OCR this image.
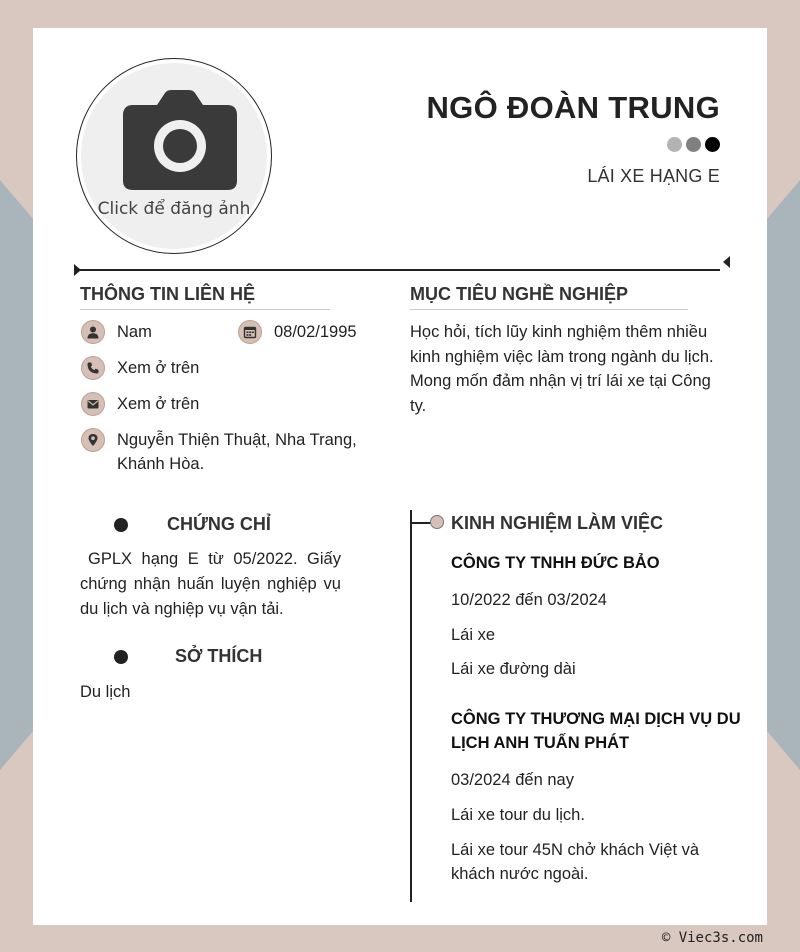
Click để đăng ảnh
NGÔ ĐOÀN TRUNG
LÁI XE HẠNG E
THÔNG TIN LIÊN HỆ
Nam	08/02/1995
Xem ở trên
Xem ở trên
Nguyễn Thiện Thuật, Nha Trang, Khánh Hòa.
MỤC TIÊU NGHỀ NGHIỆP
Học hỏi, tích lũy kinh nghiệm thêm nhiều kinh nghiệm việc làm trong ngành du lịch. Mong mốn đảm nhận vị trí lái xe tại Công ty.
CHỨNG CHỈ
GPLX hạng E từ 05/2022. Giấy chứng nhận huấn luyện nghiệp vụ du lịch và nghiệp vụ vận tải.
SỞ THÍCH
Du lịch
KINH NGHIỆM LÀM VIỆC
CÔNG TY TNHH ĐỨC BẢO
10/2022 đến 03/2024
Lái xe
Lái xe đường dài
CÔNG TY THƯƠNG MẠI DỊCH VỤ DU LỊCH ANH TUẤN PHÁT
03/2024 đến nay
Lái xe tour du lịch.
Lái xe tour 45N chở khách Việt và khách nước ngoài.
© Viec3s.com
